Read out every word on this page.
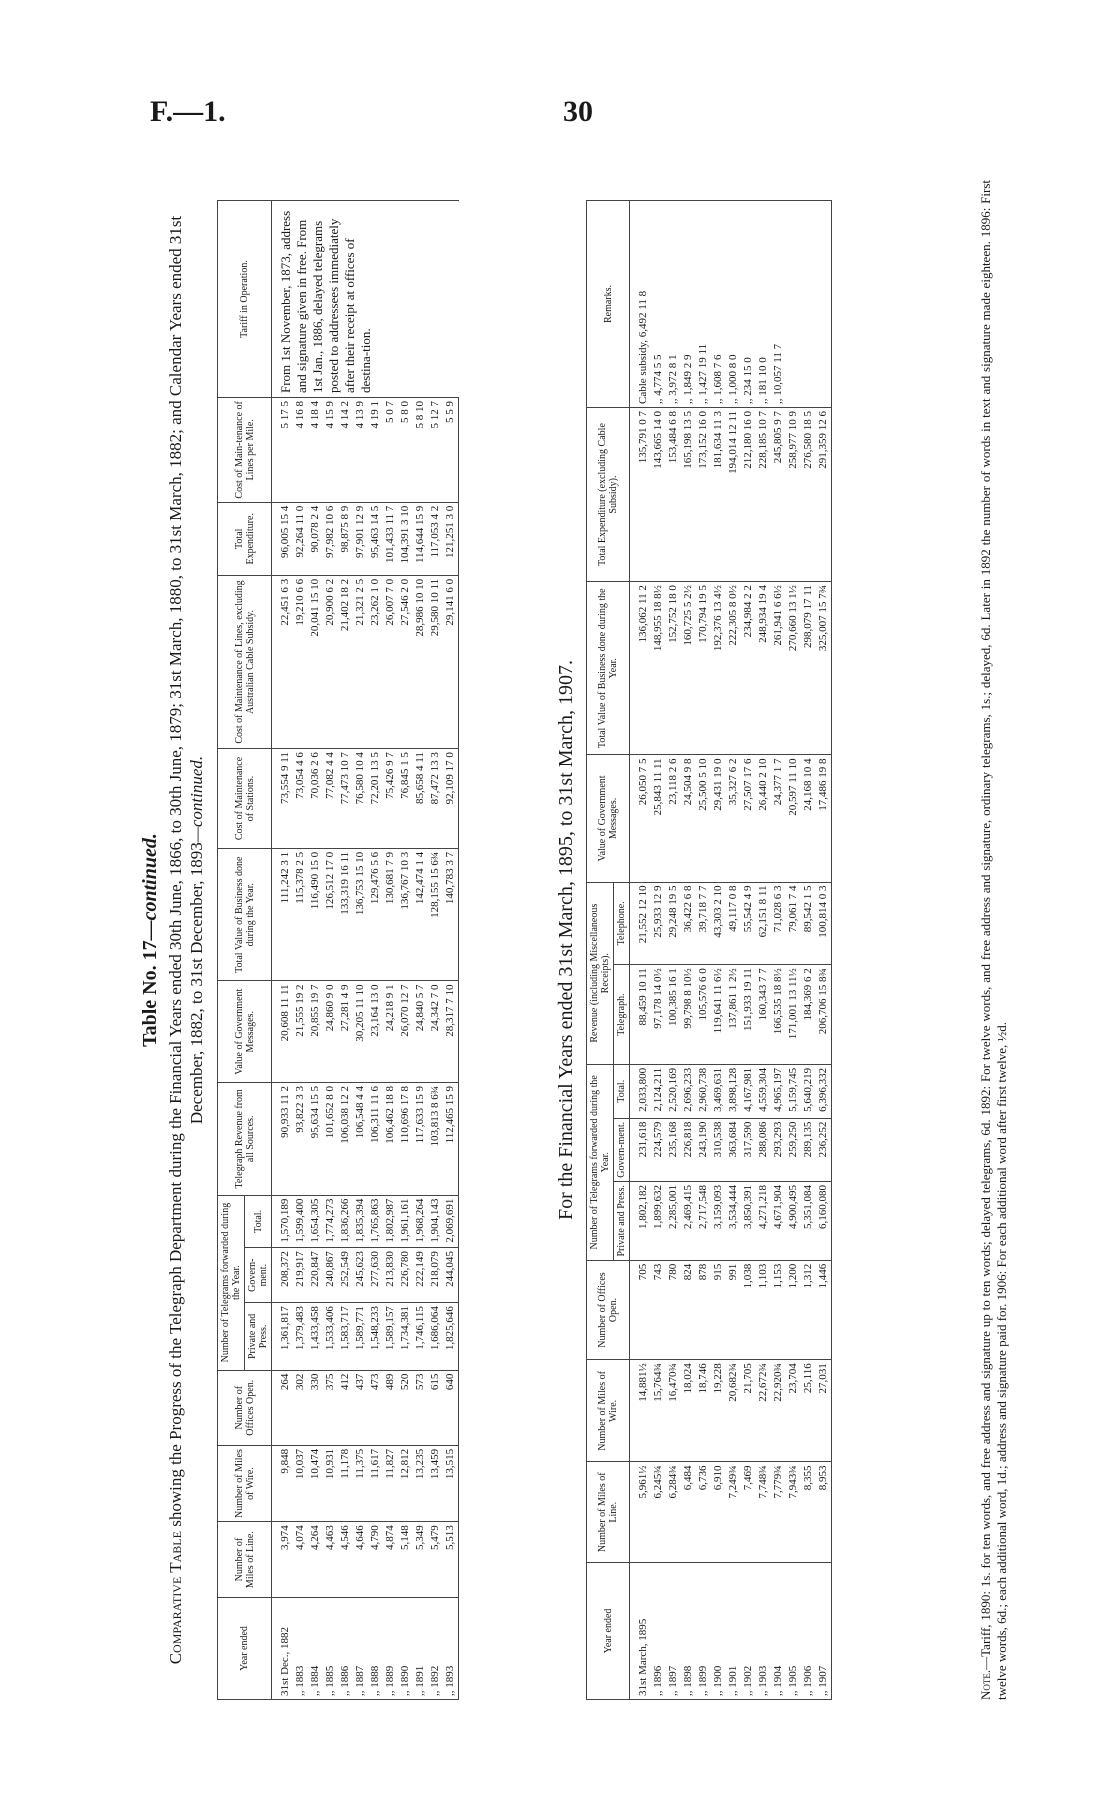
F.—1.	30

Table No. 17—continued.
Comparative Table showing the Progress of the Telegraph Department during the Financial Years ended 30th June, 1866, to 30th June, 1879; 31st March, 1880, to 31st March, 1882; and Calendar Years ended 31st December, 1882, to 31st December, 1893—continued.

Year ended	Number of Miles of Line.	Number of Miles of Wire.	Number of Offices Open.	Number of Telegrams forwarded during the Year.			Telegraph Revenue from all Sources.	Value of Government Messages.	Total Value of Business done during the Year.	Cost of Maintenance of Stations.	Cost of Maintenance of Lines, excluding Australian Cable Subsidy.	Total Expenditure.	Cost of Main-tenance of Lines per Mile.	Tariff in Operation.
				Private and Press.	Govern-ment.	Total.								
31st Dec., 1882	3,974	9,848	264	1,361,817	208,372	1,570,189	90,933 11 2	20,608 11 11	111,242 3 1	73,554 9 11	22,451 6 3	96,005 15 4	5 17 5	From 1st November, 1873, address and signature given in free. From 1st Jan., 1886, delayed telegrams posted to addressees immediately after their receipt at offices of destina-tion.
,, 1883	4,074	10,037	302	1,379,483	219,917	1,599,400	93,822 3 3	21,555 19 2	115,378 2 5	73,054 4 6	19,210 6 6	92,264 11 0	4 16 8	
,, 1884	4,264	10,474	330	1,433,458	220,847	1,654,305	95,634 15 5	20,855 19 7	116,490 15 0	70,036 2 6	20,041 15 10	90,078 2 4	4 18 4	
,, 1885	4,463	10,931	375	1,533,406	240,867	1,774,273	101,652 8 0	24,860 9 0	126,512 17 0	77,082 4 4	20,900 6 2	97,982 10 6	4 15 9	
,, 1886	4,546	11,178	412	1,583,717	252,549	1,836,266	106,038 12 2	27,281 4 9	133,319 16 11	77,473 10 7	21,402 18 2	98,875 8 9	4 14 2	
,, 1887	4,646	11,375	437	1,589,771	245,623	1,835,394	106,548 4 4	30,205 11 10	136,753 15 10	76,580 10 4	21,321 2 5	97,901 12 9	4 13 9	
,, 1888	4,790	11,617	473	1,548,233	277,630	1,765,863	106,311 11 6	23,164 13 0	129,476 5 6	72,201 13 5	23,262 1 0	95,463 14 5	4 19 1	
,, 1889	4,874	11,827	489	1,589,157	213,830	1,802,987	106,462 18 8	24,218 9 1	130,681 7 9	75,426 9 7	26,007 7 0	101,433 11 7	5 0 7	
,, 1890	5,148	12,812	520	1,734,381	226,780	1,961,161	110,696 17 8	26,070 12 7	136,767 10 3	76,845 1 5	27,546 2 0	104,391 3 10	5 8 0	
,, 1891	5,349	13,235	573	1,746,115	222,149	1,968,264	117,633 15 9	24,840 5 7	142,474 1 4	85,658 4 11	28,986 10 10	114,644 15 9	5 8 10	
,, 1892	5,479	13,459	615	1,686,064	218,079	1,904,143	103,813 8 6¾	24,342 7 0	128,155 15 6¾	87,472 13 3	29,580 10 11	117,053 4 2	5 12 7	
,, 1893	5,513	13,515	640	1,825,646	244,045	2,069,691	112,465 15 9	28,317 7 10	140,783 3 7	92,109 17 0	29,141 6 0	121,251 3 0	5 5 9	

For the Financial Years ended 31st March, 1895, to 31st March, 1907.

Year ended	Number of Miles of Line.	Number of Miles of Wire.	Number of Offices Open.	Number of Telegrams forwarded during the Year.			Revenue (including Miscellaneous Receipts).		Value of Government Messages.	Total Value of Business done during the Year.	Total Expenditure (excluding Cable Subsidy).	Remarks.
				Private and Press.	Govern-ment.	Total.	Telegraph.	Telephone.				
31st March, 1895	5,961½	14,881½	705	1,802,182	231,618	2,033,800	88,459 10 11	21,552 12 10	26,050 7 5	136,062 11 2	135,791 0 7	Cable subsidy, 6,492 11 8
,, 1896	6,245¾	15,764¾	743	1,899,632	224,579	2,124,211	97,178 14 0½	25,933 12 9	25,843 11 11	148,955 18 8½	143,665 14 0	,, 4,774 5 5
,, 1897	6,284¾	16,470¾	780	2,285,001	235,168	2,520,169	100,385 16 1	29,248 19 5	23,118 2 6	152,752 18 0	153,484 6 8	,, 3,972 8 1
,, 1898	6,484	18,024	824	2,469,415	226,818	2,696,233	99,798 8 10½	36,422 6 8	24,504 9 8	160,725 5 2½	165,198 13 5	,, 1,849 2 9
,, 1899	6,736	18,746	878	2,717,548	243,190	2,960,738	105,576 6 0	39,718 7 7	25,500 5 10	170,794 19 5	173,152 16 0	,, 1,427 19 11
,, 1900	6,910	19,228	915	3,159,093	310,538	3,469,631	119,641 11 6½	43,303 2 10	29,431 19 0	192,376 13 4½	181,634 11 3	,, 1,608 7 6
,, 1901	7,249¾	20,682¾	991	3,534,444	363,684	3,898,128	137,861 1 2½	49,117 0 8	35,327 6 2	222,305 8 0½	194,014 12 11	,, 1,000 8 0
,, 1902	7,469	21,705	1,038	3,850,391	317,590	4,167,981	151,933 19 11	55,542 4 9	27,507 17 6	234,984 2 2	212,180 16 0	,, 234 15 0
,, 1903	7,748¾	22,672¾	1,103	4,271,218	288,086	4,559,304	160,343 7 7	62,151 8 11	26,440 2 10	248,934 19 4	228,185 10 7	,, 181 10 0
,, 1904	7,779¾	22,920¾	1,153	4,671,904	293,293	4,965,197	166,535 18 8½	71,028 6 3	24,377 1 7	261,941 6 6½	245,805 9 7	,, 10,057 11 7
,, 1905	7,943¾	23,704	1,200	4,900,495	259,250	5,159,745	171,001 13 11½	79,061 7 4	20,597 11 10	270,660 13 1½	258,977 10 9	
,, 1906	8,355	25,116	1,312	5,351,084	289,135	5,640,219	184,369 6 2	89,542 1 5	24,168 10 4	298,079 17 11	276,580 18 5	
,, 1907	8,953	27,031	1,446	6,160,080	236,252	6,396,332	206,706 15 8¾	100,814 0 3	17,486 19 8	325,007 15 7¾	291,359 12 6	

Note.—Tariff, 1890: 1s. for ten words, and free address and signature up to ten words; delayed telegrams, 6d. 1892: For twelve words, and free address and signature, ordinary telegrams, 1s.; delayed, 6d. Later in 1892 the number of words in text and signature made eighteen. 1896: First twelve words, 6d.; each additional word, 1d.; address and signature paid for. 1906: For each additional word after first twelve, ½d.
